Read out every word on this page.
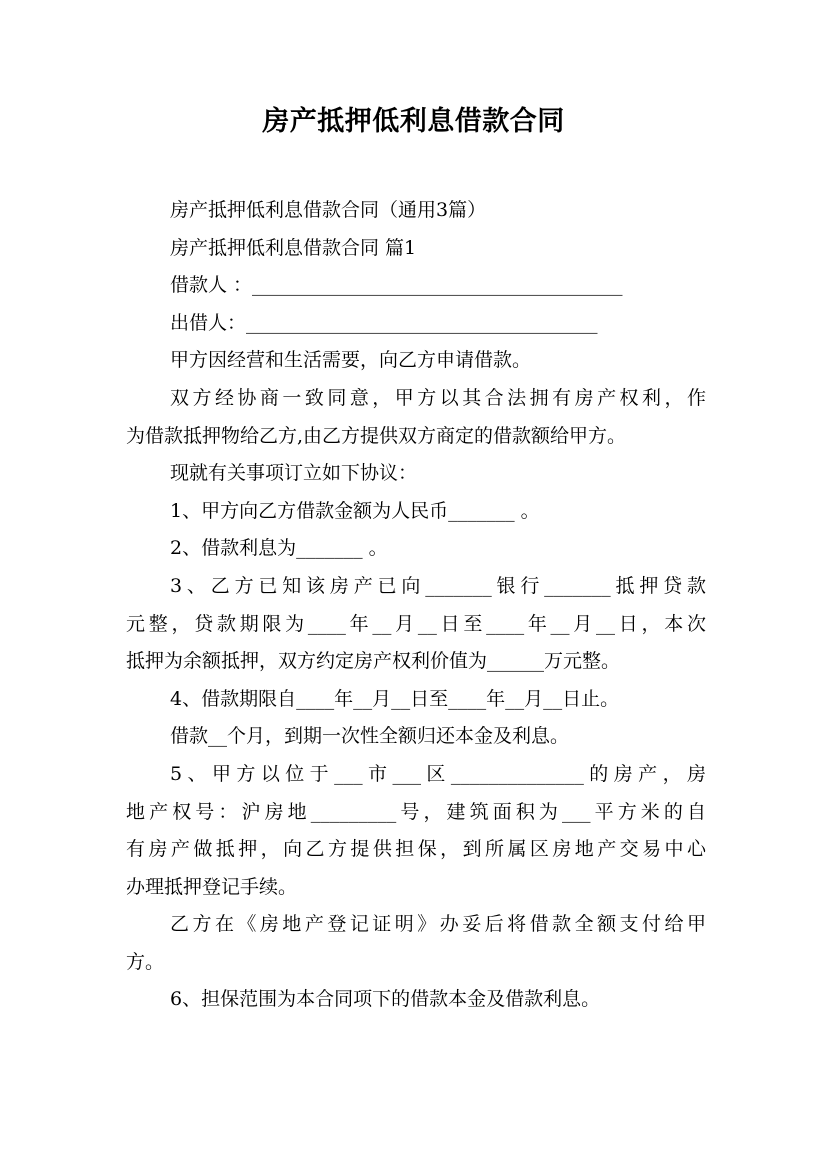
房产抵押低利息借款合同

房产抵押低利息借款合同（通用3篇）

房产抵押低利息借款合同 篇1

借款人 ：_______________________________________

出借人：_____________________________________

甲方因经营和生活需要，向乙方申请借款。

双方经协商一致同意，甲方以其合法拥有房产权利，作

为借款抵押物给乙方,由乙方提供双方商定的借款额给甲方。

现就有关事项订立如下协议：

1、甲方向乙方借款金额为人民币_______ 。

2、借款利息为_______ 。

3、乙方已知该房产已向_______银行_______抵押贷款

元整，贷款期限为____年__月__日至____年__月__日，本次

抵押为余额抵押，双方约定房产权利价值为______万元整。

4、借款期限自____年__月__日至____年__月__日止。

借款__个月，到期一次性全额归还本金及利息。

5、甲方以位于___市___区______________的房产，房

地产权号：沪房地_________号，建筑面积为___平方米的自

有房产做抵押，向乙方提供担保，到所属区房地产交易中心

办理抵押登记手续。

乙方在《房地产登记证明》办妥后将借款全额支付给甲

方。

6、担保范围为本合同项下的借款本金及借款利息。
